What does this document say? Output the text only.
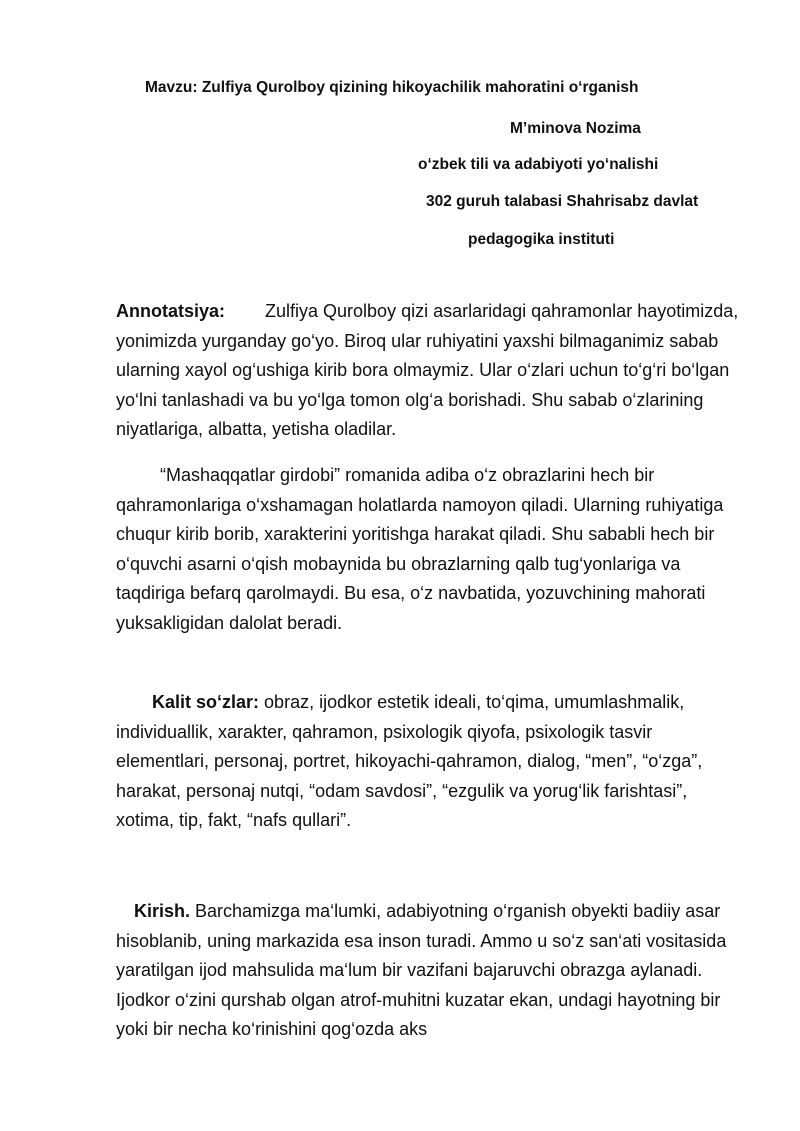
Mavzu: Zulfiya Qurolboy qizining hikoyachilik mahoratini o‘rganish
M’minova Nozima
o‘zbek tili va adabiyoti yo‘nalishi
302 guruh talabasi Shahrisabz davlat
pedagogika instituti
Annotatsiya: Zulfiya Qurolboy qizi asarlaridagi qahramonlar hayotimizda, yonimizda yurganday go‘yo. Biroq ular ruhiyatini yaxshi bilmaganimiz sabab ularning xayol og‘ushiga kirib bora olmaymiz. Ular o‘zlari uchun to‘g‘ri bo‘lgan yo‘lni tanlashadi va bu yo‘lga tomon olg‘a borishadi. Shu sabab o‘zlarining niyatlariga, albatta, yetisha oladilar.
“Mashaqqatlar girdobi” romanida adiba o‘z obrazlarini hech bir qahramonlariga o‘xshamagan holatlarda namoyon qiladi. Ularning ruhiyatiga chuqur kirib borib, xarakterini yoritishga harakat qiladi. Shu sababli hech bir o‘quvchi asarni o‘qish mobaynida bu obrazlarning qalb tug‘yonlariga va taqdiriga befarq qarolmaydi. Bu esa, o‘z navbatida, yozuvchining mahorati yuksakligidan dalolat beradi.
Kalit so‘zlar: obraz, ijodkor estetik ideali, to‘qima, umumlashmalik, individuallik, xarakter, qahramon, psixologik qiyofa, psixologik tasvir elementlari, personaj, portret, hikoyachi-qahramon, dialog, “men”, “o‘zga”, harakat, personaj nutqi, “odam savdosi”, “ezgulik va yorug‘lik farishtasi”, xotima, tip, fakt, “nafs qullari”.
Kirish. Barchamizga ma‘lumki, adabiyotning o‘rganish obyekti badiiy asar hisoblanib, uning markazida esa inson turadi. Ammo u so‘z san‘ati vositasida yaratilgan ijod mahsulida ma‘lum bir vazifani bajaruvchi obrazga aylanadi. Ijodkor o‘zini qurshab olgan atrof-muhitni kuzatar ekan, undagi hayotning bir yoki bir necha ko‘rinishini qog‘ozda aks
